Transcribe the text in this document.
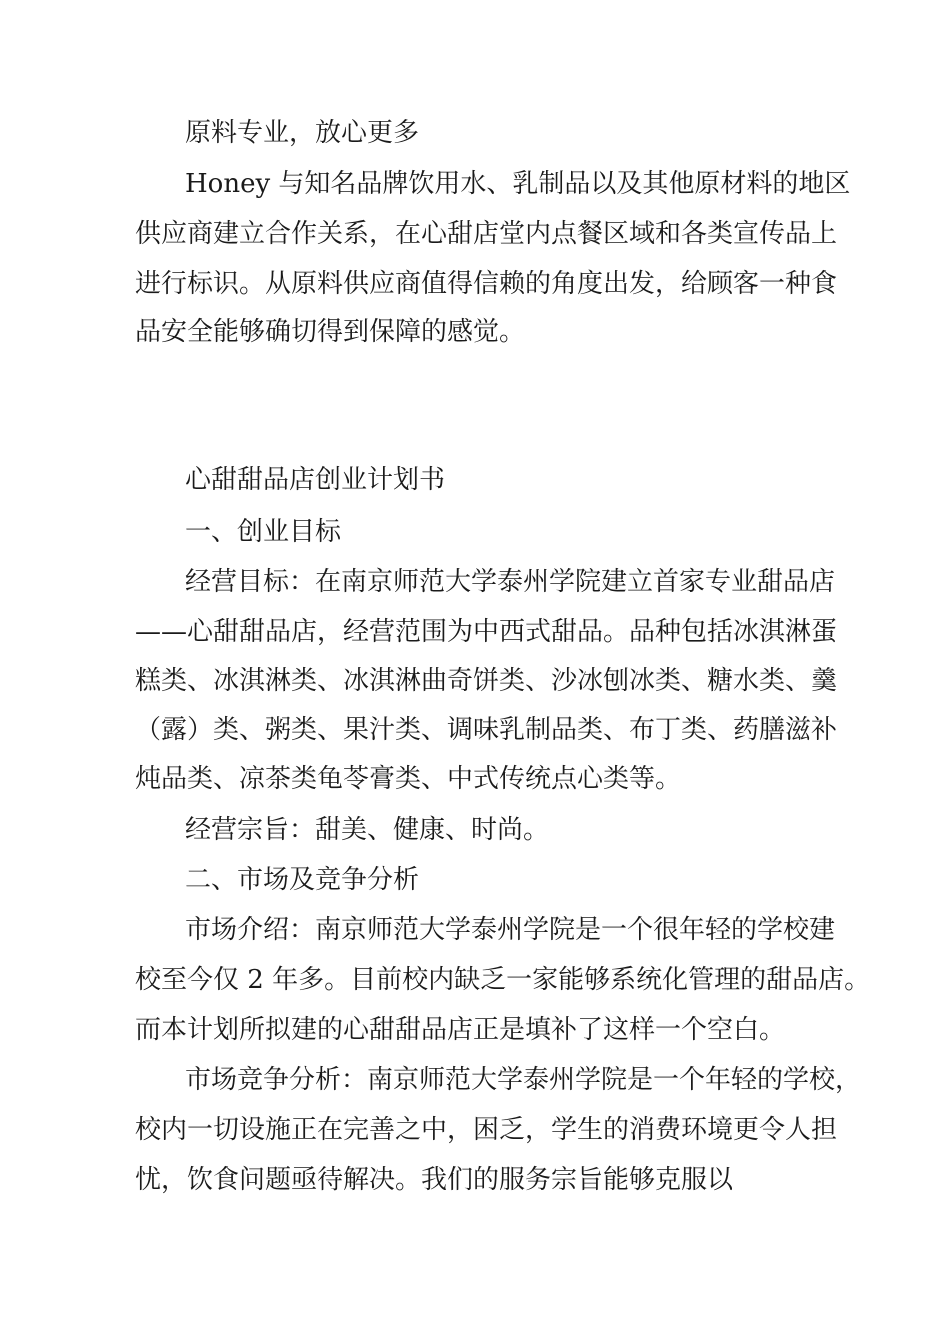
原料专业，放心更多

Honey 与知名品牌饮用水、乳制品以及其他原材料的地区

供应商建立合作关系，在心甜店堂内点餐区域和各类宣传品上

进行标识。从原料供应商值得信赖的角度出发，给顾客一种食

品安全能够确切得到保障的感觉。

心甜甜品店创业计划书

一、创业目标

经营目标：在南京师范大学泰州学院建立首家专业甜品店

——心甜甜品店，经营范围为中西式甜品。品种包括冰淇淋蛋

糕类、冰淇淋类、冰淇淋曲奇饼类、沙冰刨冰类、糖水类、羹

（露）类、粥类、果汁类、调味乳制品类、布丁类、药膳滋补

炖品类、凉茶类龟苓膏类、中式传统点心类等。

经营宗旨：甜美、健康、时尚。

二、市场及竞争分析

市场介绍：南京师范大学泰州学院是一个很年轻的学校建

校至今仅 2 年多。目前校内缺乏一家能够系统化管理的甜品店。

而本计划所拟建的心甜甜品店正是填补了这样一个空白。

市场竞争分析：南京师范大学泰州学院是一个年轻的学校，

校内一切设施正在完善之中，困乏，学生的消费环境更令人担

忧，饮食问题亟待解决。我们的服务宗旨能够克服以
